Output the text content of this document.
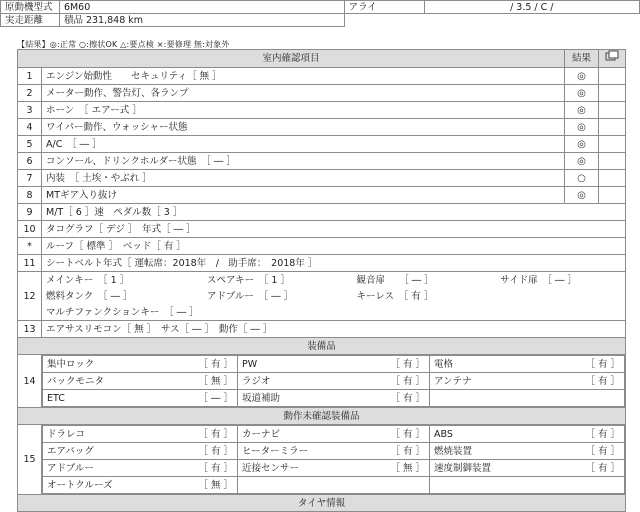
原動機型式	6M60	アライ	/ 3.5 / C /
実走距離	積品 231,848 km		
【結果】◎:正常 ○:擦状OK △:要点検 ×:要修理 無:対象外
室内確認項目	結果	
1	エンジン始動性　　セキュリティ［ 無 ］	◎	
2	メーター動作、警告灯、各ランプ	◎	
3	ホーン　［ エアー式 ］	◎	
4	ワイパー動作、ウォッシャー状態	◎	
5	A/C　［ ― ］	◎	
6	コンソール、ドリンクホルダー状態　［ ― ］	◎	
7	内装　［ 土埃・やぶれ ］	○	
8	MTギア入り抜け	◎	
9	M/T［ 6 ］速　ペダル数［ 3 ］
10	タコグラフ［ デジ ］　年式［ ― ］
*	ルーフ［ 標準 ］　ベッド［ 有 ］
11	シートベルト年式［ 運転席：2018年　/　助手席：　2018年 ］
12	
メインキー　［ 1 ］	スペアキー　［ 1 ］	観音扉　　［ ― ］	サイド扉　［ ― ］
燃料タンク　［ ― ］	アドブルー　［ ― ］	キーレス　［ 有 ］	
マルチファンクションキー　［ ― ］

13	エアサスリモコン［ 無 ］　サス［ ― ］　動作［ ― ］
装備品
14	
集中ロック	［ 有 ］	PW	［ 有 ］	電格	［ 有 ］

バックモニタ	［ 無 ］	ラジオ	［ 有 ］	アンテナ	［ 有 ］

ETC	［ ― ］	坂道補助	［ 有 ］

動作未確認装備品
15	
ドラレコ	［ 有 ］	カーナビ	［ 有 ］	ABS	［ 有 ］

エアバッグ	［ 有 ］	ヒーターミラー	［ 有 ］	燃焼装置	［ 有 ］

アドブルー	［ 有 ］	近接センサー	［ 無 ］	速度制御装置	［ 有 ］

オートクルーズ	［ 無 ］

タイヤ情報
